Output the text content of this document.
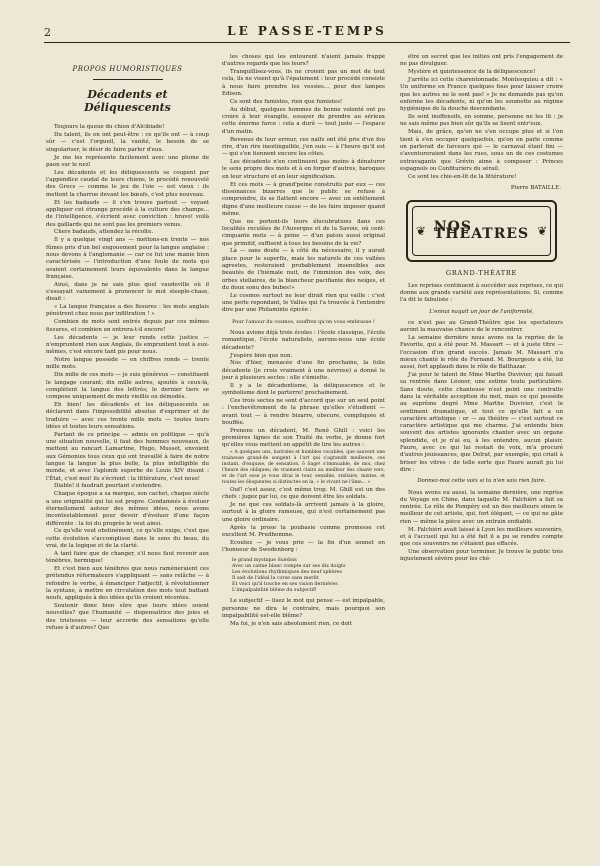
2	LE PASSE-TEMPS
PROPOS HUMORISTIQUES
Décadents et Déliquescents

Toujours la queue du chien d'Alcibiade!

Du talent, ils en ont peut-être : ce qu'ils ont — à coup sûr — c'est l'orgueil, la vanité, le besoin de se singulariser, le désir de faire parler d'eux.

Je me les représente facilement avec une plume de paon sur le nez!

Les décadents et les déliquescents se coupent par l'appendice caudal de leurs chiens, le procédé renouvelé des Grecs — comme le jeu de l'oie — est vieux : ils mettent la charrue devant les bœufs, c'est plus nouveau.

Et les badauds — il s'en trouve partout — voyant appliquer cet étrange procédé à la culture des champs... de l'intelligence, s'écrient avec conviction : bravo! voilà des gaillards qui ne sont pas les premiers venus.

Chers badauds, attendez la récolte.

Il y a quelque vingt ans — mettons-en trente — nos fûmes pris d'un bel engouement pour la langue anglaise : nous devons à l'anglomanie — car ce fut une manie bien caractérisée — l'introduction d'une foule de mots qui avaient certainement leurs équivalents dans la langue française.

Ainsi, dans je ne sais plus quel vaudeville où il s'essayait vainement à prononcer le mot steeple-chase, disait :

« La langue française a des fissures : les mots anglais pénètrent chez nous par infiltration ! »

Combien de mots sont entrés depuis par ces mêmes fissures, et combien en entrera-t-il encore!

Les décadents — je leur rends cette justice — n'empruntent rien aux Anglais, ils empruntent tout à eux-mêmes, c'est encore tant pis pour nous.

Notre langue possède — en chiffres ronds — trente mille mots.

Dix mille de ces mots — je suis généreux — constituent le langage courant; dix mille autres, ajoutés à ceux-là, complètent la langue des lettrés; le dernier tiers se compose uniquement de mots vieillis ou démodés.

Eh bien! les décadents et les déliquescents se déclarent dans l'impossibilité absolue d'exprimer et de traduire — avec ces trente mille mots — toutes leurs idées et toutes leurs sensations.

Partant de ce principe — admis en politique — qu'à une situation nouvelle, il faut des hommes nouveaux, ils mettent au rancart Lamartine, Hugo, Musset, envoient aux Gémonies tous ceux qui ont travaillé à faire de notre langue la langue la plus belle, la plus intelligible du monde, et avec l'aplomb superbe de Louis XIV disant : l'État, c'est moi! ils s'écrient : la littérature, c'est nous!

Diable! il faudrait pourtant s'entendre.

Chaque époque a sa marque, son cachet, chaque siècle a une originalité qui lui est propre. Condamnés à évoluer éternellement autour des mêmes idées, nous avons incontestablement pour devoir d'évoluer d'une façon différente : la loi du progrès le veut ainsi.

Ce qu'elle veut obstinément, ce qu'elle exige, c'est que cette évolution s'accomplisse dans le sens du beau, du vrai, de la logique et de la clarté.

A tant faire que de changer, s'il nous faut revenir aux ténèbres, hermique!

Et c'est bien aux ténèbres que nous ramèneraient ces prétendus réformateurs s'appliquant — sans relâche — à refondre le verbe, à émanciper l'adjectif, à révolutionner la syntaxe, à mettre en circulation des mots tout battant neufs, appliqués à des idées qu'ils croient récentes.

Soutenir done bien sûre que leurs idées soient nouvelles? que l'humanité — dispensatrice des joies et des tristesses — leur accorde des sensations qu'elle refuse à d'autres? Que

les choses qui les entourent n'aient jamais frappé d'autres regards que les leurs?

Tranquillisez-vous, ils ne croient pas un mot de tout cela, ils ne visent qu'à l'épatement : leur procédé consiste à nous faire prendre les vessies... pour des lampes Edison.

Ce sont des fumistes, rien que fumistes!

Au début, quelques hommes de bonne volonté ont pu croire à leur évangile, essayer de prendre au sérieux cette énorme farce : cela a duré — tout juste — l'espace d'un matin.

Revenus de leur erreur, ces naïfs ont été pris d'un fou rire, d'un rire inextinguible, j'en suis — à l'heure qu'il est — qui s'en tiennent encore les côtes.

Les décadents n'en continuent pas moins à dénaturer le sens propre des mots et à en forger d'autres, baroques en leur structure et en leur signification.

Et ces mots — à grand'peine construits par eux — ces dissonances bizarres que le public se refuse à comprendre, ils se flattent encore — avec un entêtement digne d'une meilleure cause — de les faire imposer quand même.

Que ne portent-ils leurs élucubrations dans ces localités reculées de l'Auvergne et de la Savoie, où cent-cinquante mots — à peine — d'un patois aussi original que primitif, suffisent à tous les besoins de la vie?

Là — sans doute — à côté du nécessaire, il y aurait place pour le superflu, mais les naturels de ces vallées agrestes, resteraient probablement insensibles aux beautés de l'hiémale nuit, de l'immixion des voix, des orbes stellaires, de la blancheur pacifiante des neiges, et du doux sonu des bubes!»

Le cosmos surtout ne leur dirait rien qui vaille : c'est une perle repondant, le Vallus qui l'a trouvée à l'entendre dire par une Philaminte épicée :

Pour l'amour du cosmos, souffrez qu'on vous embrasse !

Nous avions déjà trois écoles : l'école classique, l'école romantique, l'école naturaliste, aurons-nous une école décadente?

J'espère bien que non.

Nos d'hier, menacée d'une fin prochaine, la folie décadente (je crois vraiment à une névrose) a donné le jour à plusieurs sectes : elle s'émiette.

Il y a le décadentisme, la déliquescence et le symbolisme dont le parterre! prochainement.

Ces trois sectes ne sont d'accord que sur un seul point : l'enchevêtrement de la phrase qu'elles s'étudient — avant tout — à rendre bizarre, obscure, compliquée et bouffée.

Prenons un décadent, M. René Ghill : voici les premières lignes de son Traité du verbe, je donne fort qu'elles vous mettent en appétit de lire les autres :

« A quelques uns, lustrales et humbles vocables, que sauvent une traineuse grand-de songent à l'art qui s'agrandit meilleure, ces instant. d'exquise, de sensation, ô Sage! s'immuable, de moi, chez l'heure des obliques; de vraiment clairs au meilleur des chaste vers, et de l'art esse je vous dirai le tour, sensible, stellaire, mixtes, et toutes les éloquentes si distinctes en la, « le vivant ne l'âme... »

Ouf! c'est assez, c'est même trop. M. Ghill est un des chefs : jugez par lui, ce que doivent être les soldats.

Je ne que ces soldats-là arrivent jamais à la gloire, surtout à la gloire rameuse, qui n'est certainement pas une gloire ordinaire.

Après la prose la poubasie comme promesse cet excellent M. Prudhomme.

Ecoutez — je vous prie — la fin d'un sonnet en l'honneur de Swedenborg :

le grand mystique Suédois
Avec un calme blanc compte sur ses dix doigts
Les évolutions rhythmiques des neuf sphères
Il sait de l'idéal la corse sans merlit
Et voici qu'il touche en ses vision dernières
L'impalpabilité blême du subjectif!

Le subjectif — lisez le mot qui pense — est impalpable, personne ne dira le contraire, mais pourquoi son impalpabilité est-elle blême?

Ma foi, je n'en sais absolument rien, ce doit

être un secret que les initiés ont pris l'engagement de ne pas divulguer.

Mystère et quintessence de la déliquescence!

J'arrête ici cette charentonnade. Montesquieu a dit : « Un uniforme en France quelques fous pour laisser croire que les autres ne le sont pas! » Je ne demande pas qu'on enferme les décadents, ni qu'on les soumette au régime hygiénique de la douche descendante.

Ils sont inoffensifs, en somme, personne ne les lit : je ne sais même pas bien sûr qu'ils se lisent entr'eux.

Mais, de grâce, qu'on ne s'en occupe plus et si l'on tient à s'en occuper quelquefois, qu'on en parle comme on parlerait de farceurs qui — le carnaval étant fini — s'aventureraient dans les rues, sous un de ces costumes extravagants que Grévin aime à composer : Princes espagnols ou Confituriers du sérail.

Ce sont les chie-en-lit de la littérature!

Pierre BATAILLE.
❦ NOS THÉATRES ❦
GRAND-THÉATRE

Les reprises continuent à succéder aux reprises, ce qui donne aux grands variété aux représentations. Si, comme l'a dit le fabuliste :

L'ennui naquit un jour de l'uniformité,

ce n'est pas au Grand-Théâtre que les spectateurs auront la mauvaise chance de le rencontrer.

La semaine dernière nous avons eu la reprise de la Favorite, qui a été pour M. Massart — et à juste titre — l'occasion d'un grand succès. Jamais M. Massart n'a mieux chanté le rôle de Fernand. M. Bourgeois a été, lui aussi, fort applaudi dans le rôle de Balthazar.

J'ai pour le talent de Mme Marthe Duvivier, qui faisait sa rentrée dans Léonor, une estime toute particulière. Sans doute, cette chanteuse n'est point une contralto dans la véritable acception du mot, mais ce qui possède au suprême degré Mme Marthe Duvivier, c'est le sentiment dramatique, et tout ce qu'elle fait a un caractère artistique : or — au théâtre — c'est surtout ce caractère artistique qui me charme. J'ai entendu bien souvent des artistes ignorants chanter avec un organe splendide, et je n'ai eu, à les entendre, aucun plaisir. Faure, avec ce qui lui restait de voix, m'a procuré d'autres jouissances, que Delrat, par exemple, qui criait à briser les vitres : de telle sorte que Faure aurait pu lui dire :

Donnez-moi cette voix si tu n'en sais rien faire.

Nous avons eu aussi, la semaine dernière, une reprise du Voyage en Chine, dans laquelle M. Falchiéri a fait sa rentrée. Le rôle de Pompéry est un des meilleurs sinon le meilleur de cet artiste, qui, fort élégant, — ce qui ne gâte rien — même la pièce avec un entrain endiablé.

M. Falchiéri avait laissé à Lyon les meilleurs souvenirs, et à l'accueil qui lui a été fait il a pu se rendre compte que ces souvenirs ne s'étaient pas effacés.

Une observation pour terminer. Je trouve le public très injustement sévère pour les ché-
